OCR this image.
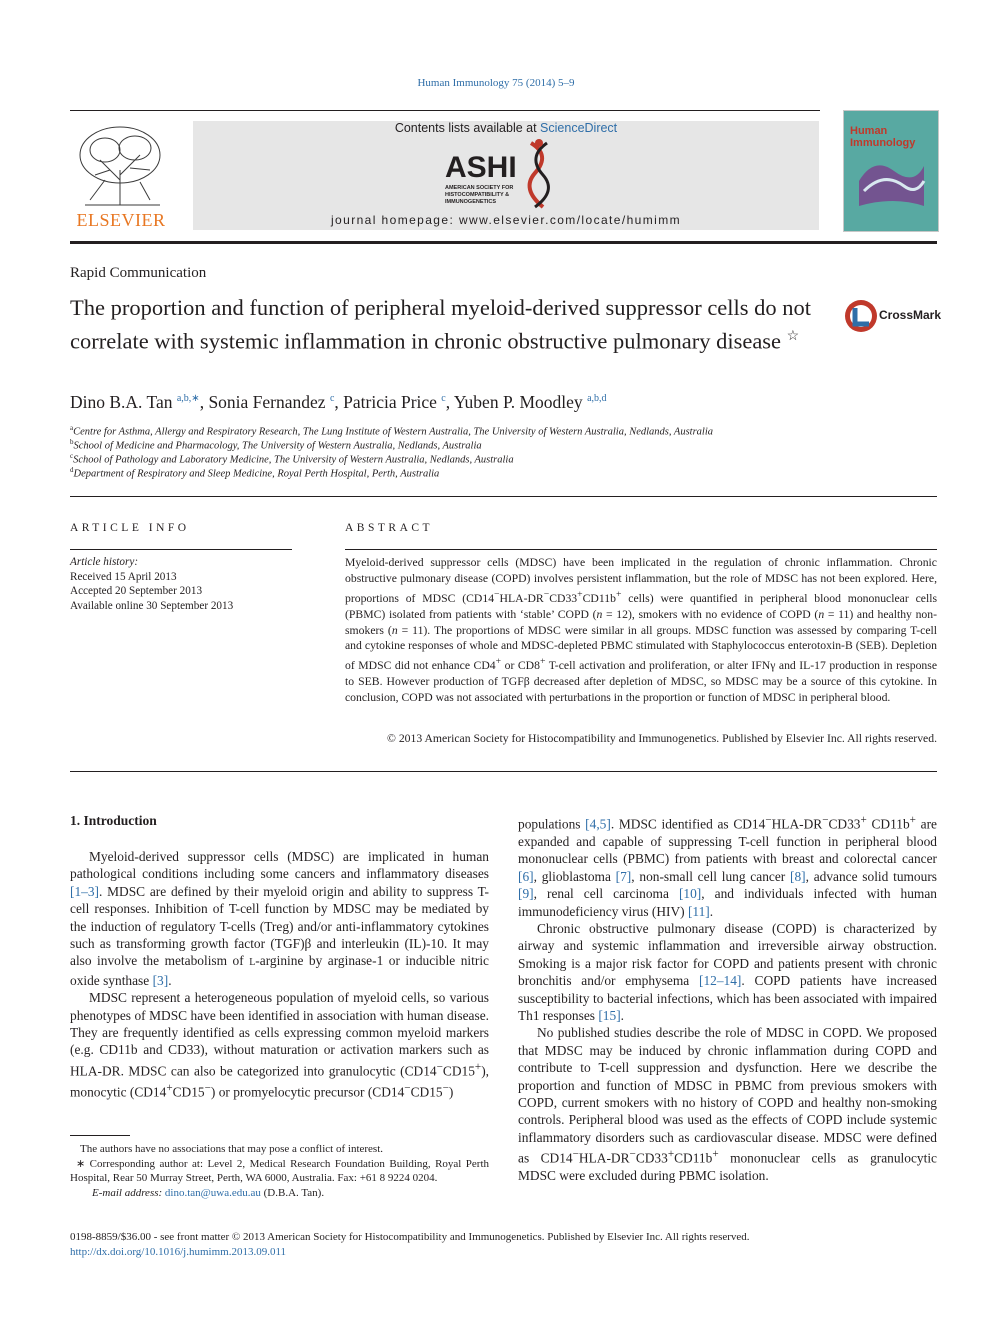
Human Immunology 75 (2014) 5–9
ELSEVIER
Contents lists available at ScienceDirect
ASHI
AMERICAN SOCIETY FOR
HISTOCOMPATIBILITY &
IMMUNOGENETICS
journal homepage: www.elsevier.com/locate/humimm
Human Immunology
Rapid Communication
The proportion and function of peripheral myeloid-derived suppressor cells do not correlate with systemic inflammation in chronic obstructive pulmonary disease ☆
CrossMark
Dino B.A. Tan $^{a,b,∗}$, Sonia Fernandez $^c$, Patricia Price $^c$, Yuben P. Moodley $^{a,b,d}$
$^a$Centre for Asthma, Allergy and Respiratory Research, The Lung Institute of Western Australia, The University of Western Australia, Nedlands, Australia
$^b$School of Medicine and Pharmacology, The University of Western Australia, Nedlands, Australia
$^c$School of Pathology and Laboratory Medicine, The University of Western Australia, Nedlands, Australia
$^d$Department of Respiratory and Sleep Medicine, Royal Perth Hospital, Perth, Australia
ARTICLE INFO	ABSTRACT
Article history:
Received 15 April 2013
Accepted 20 September 2013
Available online 30 September 2013
Myeloid-derived suppressor cells (MDSC) have been implicated in the regulation of chronic inflammation. Chronic obstructive pulmonary disease (COPD) involves persistent inflammation, but the role of MDSC has not been explored. Here, proportions of MDSC (CD14−HLA-DR−CD33+CD11b+ cells) were quantified in peripheral blood mononuclear cells (PBMC) isolated from patients with ‘stable’ COPD (n = 12), smokers with no evidence of COPD (n = 11) and healthy non-smokers (n = 11). The proportions of MDSC were similar in all groups. MDSC function was assessed by comparing T-cell and cytokine responses of whole and MDSC-depleted PBMC stimulated with Staphylococcus enterotoxin-B (SEB). Depletion of MDSC did not enhance CD4+ or CD8+ T-cell activation and proliferation, or alter IFNγ and IL-17 production in response to SEB. However production of TGFβ decreased after depletion of MDSC, so MDSC may be a source of this cytokine. In conclusion, COPD was not associated with perturbations in the proportion or function of MDSC in peripheral blood.
© 2013 American Society for Histocompatibility and Immunogenetics. Published by Elsevier Inc. All rights reserved.
1. Introduction

Myeloid-derived suppressor cells (MDSC) are implicated in human pathological conditions including some cancers and inflammatory diseases [1–3]. MDSC are defined by their myeloid origin and ability to suppress T-cell responses. Inhibition of T-cell function by MDSC may be mediated by the induction of regulatory T-cells (Treg) and/or anti-inflammatory cytokines such as transforming growth factor (TGF)β and interleukin (IL)-10. It may also involve the metabolism of L-arginine by arginase-1 or inducible nitric oxide synthase [3].

MDSC represent a heterogeneous population of myeloid cells, so various phenotypes of MDSC have been identified in association with human disease. They are frequently identified as cells expressing common myeloid markers (e.g. CD11b and CD33), without maturation or activation markers such as HLA-DR. MDSC can also be categorized into granulocytic (CD14−CD15+), monocytic (CD14+CD15−) or promyelocytic precursor (CD14−CD15−)

populations [4,5]. MDSC identified as CD14−HLA-DR−CD33+ CD11b+ are expanded and capable of suppressing T-cell function in peripheral blood mononuclear cells (PBMC) from patients with breast and colorectal cancer [6], glioblastoma [7], non-small cell lung cancer [8], advance solid tumours [9], renal cell carcinoma [10], and individuals infected with human immunodeficiency virus (HIV) [11].

Chronic obstructive pulmonary disease (COPD) is characterized by airway and systemic inflammation and irreversible airway obstruction. Smoking is a major risk factor for COPD and patients present with chronic bronchitis and/or emphysema [12–14]. COPD patients have increased susceptibility to bacterial infections, which has been associated with impaired Th1 responses [15].

No published studies describe the role of MDSC in COPD. We proposed that MDSC may be induced by chronic inflammation during COPD and contribute to T-cell suppression and dysfunction. Here we describe the proportion and function of MDSC in PBMC from previous smokers with COPD, current smokers with no history of COPD and healthy non-smoking controls. Peripheral blood was used as the effects of COPD include systemic inflammatory disorders such as cardiovascular disease. MDSC were defined as CD14−HLA-DR−CD33+CD11b+ mononuclear cells as granulocytic MDSC were excluded during PBMC isolation.

The authors have no associations that may pose a conflict of interest.

∗ Corresponding author at: Level 2, Medical Research Foundation Building, Royal Perth Hospital, Rear 50 Murray Street, Perth, WA 6000, Australia. Fax: +61 8 9224 0204.

E-mail address: dino.tan@uwa.edu.au (D.B.A. Tan).

0198-8859/$36.00 - see front matter © 2013 American Society for Histocompatibility and Immunogenetics. Published by Elsevier Inc. All rights reserved.
http://dx.doi.org/10.1016/j.humimm.2013.09.011
